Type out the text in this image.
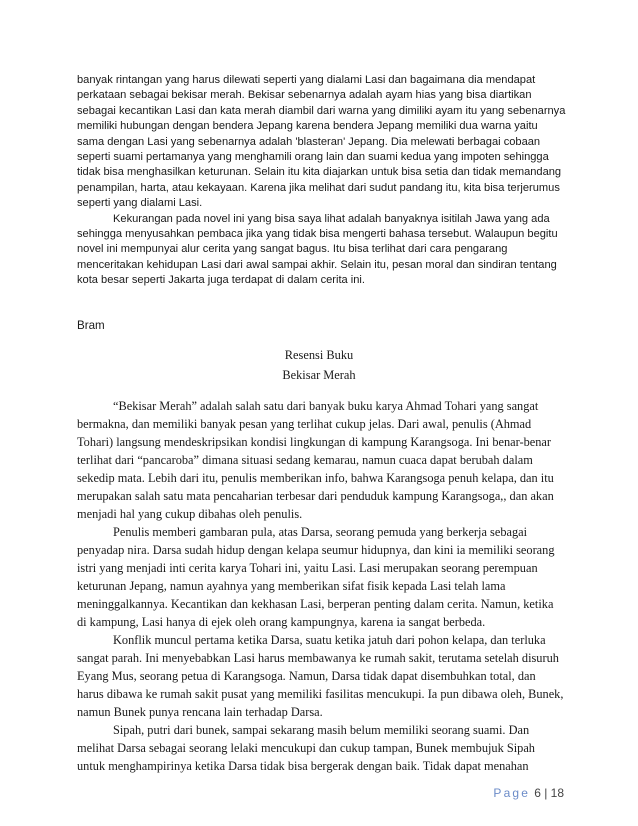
banyak rintangan yang harus dilewati seperti yang dialami Lasi dan bagaimana dia mendapat perkataan sebagai bekisar merah. Bekisar sebenarnya adalah ayam hias yang bisa diartikan sebagai kecantikan Lasi dan kata merah diambil dari warna yang dimiliki ayam itu yang sebenarnya memiliki hubungan dengan bendera Jepang karena bendera Jepang memiliki dua warna yaitu sama dengan Lasi yang sebenarnya adalah 'blasteran' Jepang. Dia melewati berbagai cobaan seperti suami pertamanya yang menghamili orang lain dan suami kedua yang impoten sehingga tidak bisa menghasilkan keturunan. Selain itu kita diajarkan untuk bisa setia dan tidak memandang penampilan, harta, atau kekayaan. Karena jika melihat dari sudut pandang itu, kita bisa terjerumus seperti yang dialami Lasi.

Kekurangan pada novel ini yang bisa saya lihat adalah banyaknya isitilah Jawa yang ada sehingga menyusahkan pembaca jika yang tidak bisa mengerti bahasa tersebut. Walaupun begitu novel ini mempunyai alur cerita yang sangat bagus. Itu bisa terlihat dari cara pengarang menceritakan kehidupan Lasi dari awal sampai akhir. Selain itu, pesan moral dan sindiran tentang kota besar seperti Jakarta juga terdapat di dalam cerita ini.

Bram
Resensi Buku
Bekisar Merah

“Bekisar Merah” adalah salah satu dari banyak buku karya Ahmad Tohari yang sangat bermakna, dan memiliki banyak pesan yang terlihat cukup jelas. Dari awal, penulis (Ahmad Tohari) langsung mendeskripsikan kondisi lingkungan di kampung Karangsoga. Ini benar-benar terlihat dari “pancaroba” dimana situasi sedang kemarau, namun cuaca dapat berubah dalam sekedip mata. Lebih dari itu, penulis memberikan info, bahwa Karangsoga penuh kelapa, dan itu merupakan salah satu mata pencaharian terbesar dari penduduk kampung Karangsoga,, dan akan menjadi hal yang cukup dibahas oleh penulis.

Penulis memberi gambaran pula, atas Darsa, seorang pemuda yang berkerja sebagai penyadap nira. Darsa sudah hidup dengan kelapa seumur hidupnya, dan kini ia memiliki seorang istri yang menjadi inti cerita karya Tohari ini, yaitu Lasi. Lasi merupakan seorang perempuan keturunan Jepang, namun ayahnya yang memberikan sifat fisik kepada Lasi telah lama meninggalkannya. Kecantikan dan kekhasan Lasi, berperan penting dalam cerita. Namun, ketika di kampung, Lasi hanya di ejek oleh orang kampungnya, karena ia sangat berbeda.

Konflik muncul pertama ketika Darsa, suatu ketika jatuh dari pohon kelapa, dan terluka sangat parah. Ini menyebabkan Lasi harus membawanya ke rumah sakit, terutama setelah disuruh Eyang Mus, seorang petua di Karangsoga. Namun, Darsa tidak dapat disembuhkan total, dan harus dibawa ke rumah sakit pusat yang memiliki fasilitas mencukupi. Ia pun dibawa oleh, Bunek, namun Bunek punya rencana lain terhadap Darsa.

Sipah, putri dari bunek, sampai sekarang masih belum memiliki seorang suami. Dan melihat Darsa sebagai seorang lelaki mencukupi dan cukup tampan, Bunek membujuk Sipah untuk menghampirinya ketika Darsa tidak bisa bergerak dengan baik. Tidak dapat menahan

Page 6 | 18
